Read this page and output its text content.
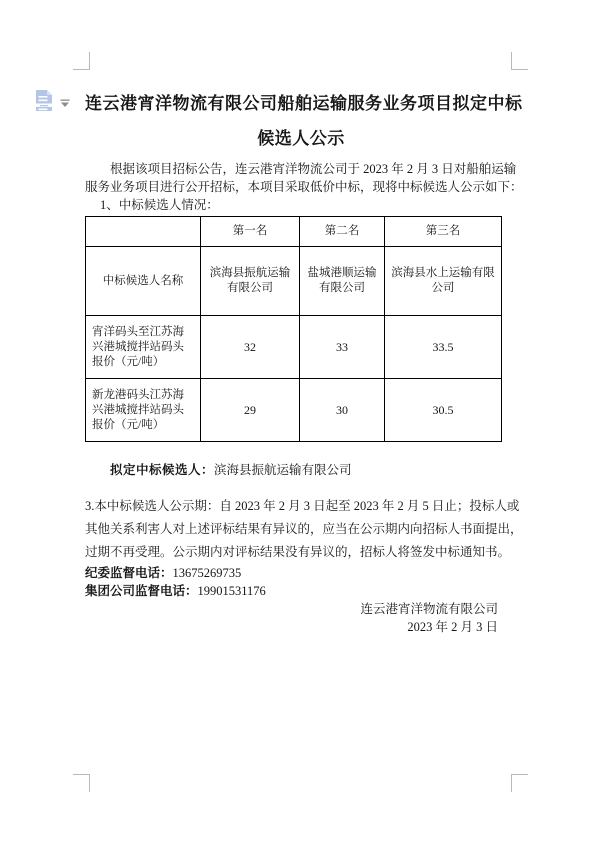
连云港宵洋物流有限公司船舶运输服务业务项目拟定中标
候选人公示
根据该项目招标公告，连云港宵洋物流公司于 2023 年 2 月 3 日对船舶运输
服务业务项目进行公开招标，本项目采取低价中标，现将中标候选人公示如下：
1、中标候选人情况：
	第一名	第二名	第三名
中标候选人名称	滨海县振航运输有限公司	盐城港顺运输有限公司	滨海县水上运输有限公司
宵洋码头至江苏海兴港城搅拌站码头报价（元/吨）	32	33	33.5
新龙港码头江苏海兴港城搅拌站码头报价（元/吨）	29	30	30.5
拟定中标候选人：滨海县振航运输有限公司
3.本中标候选人公示期：自 2023 年 2 月 3 日起至 2023 年 2 月 5 日止；投标人或
其他关系利害人对上述评标结果有异议的，应当在公示期内向招标人书面提出，
过期不再受理。公示期内对评标结果没有异议的，招标人将签发中标通知书。
纪委监督电话：13675269735
集团公司监督电话：19901531176
连云港宵洋物流有限公司
2023 年 2 月 3 日
